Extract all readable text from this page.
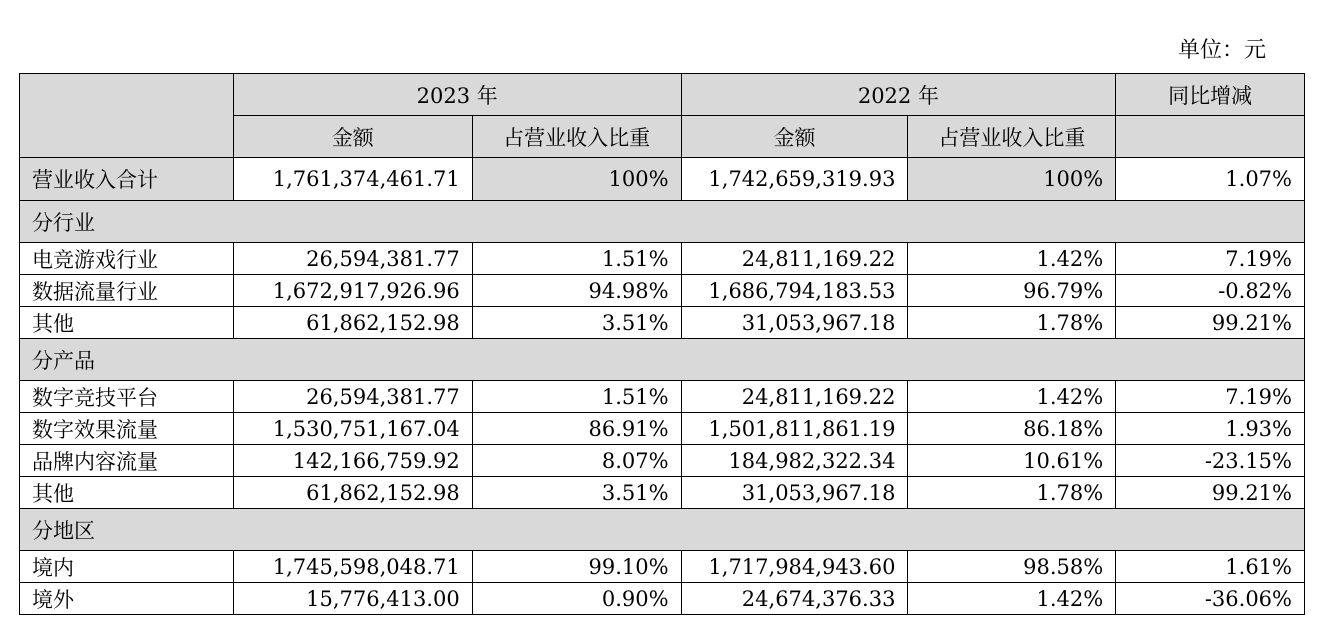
单位：元
	2023 年		2022 年		同比增减
	金额	占营业收入比重	金额	占营业收入比重	
营业收入合计	1,761,374,461.71	100%	1,742,659,319.93	100%	1.07%
分行业					
电竞游戏行业	26,594,381.77	1.51%	24,811,169.22	1.42%	7.19%
数据流量行业	1,672,917,926.96	94.98%	1,686,794,183.53	96.79%	-0.82%
其他	61,862,152.98	3.51%	31,053,967.18	1.78%	99.21%
分产品					
数字竞技平台	26,594,381.77	1.51%	24,811,169.22	1.42%	7.19%
数字效果流量	1,530,751,167.04	86.91%	1,501,811,861.19	86.18%	1.93%
品牌内容流量	142,166,759.92	8.07%	184,982,322.34	10.61%	-23.15%
其他	61,862,152.98	3.51%	31,053,967.18	1.78%	99.21%
分地区					
境内	1,745,598,048.71	99.10%	1,717,984,943.60	98.58%	1.61%
境外	15,776,413.00	0.90%	24,674,376.33	1.42%	-36.06%
